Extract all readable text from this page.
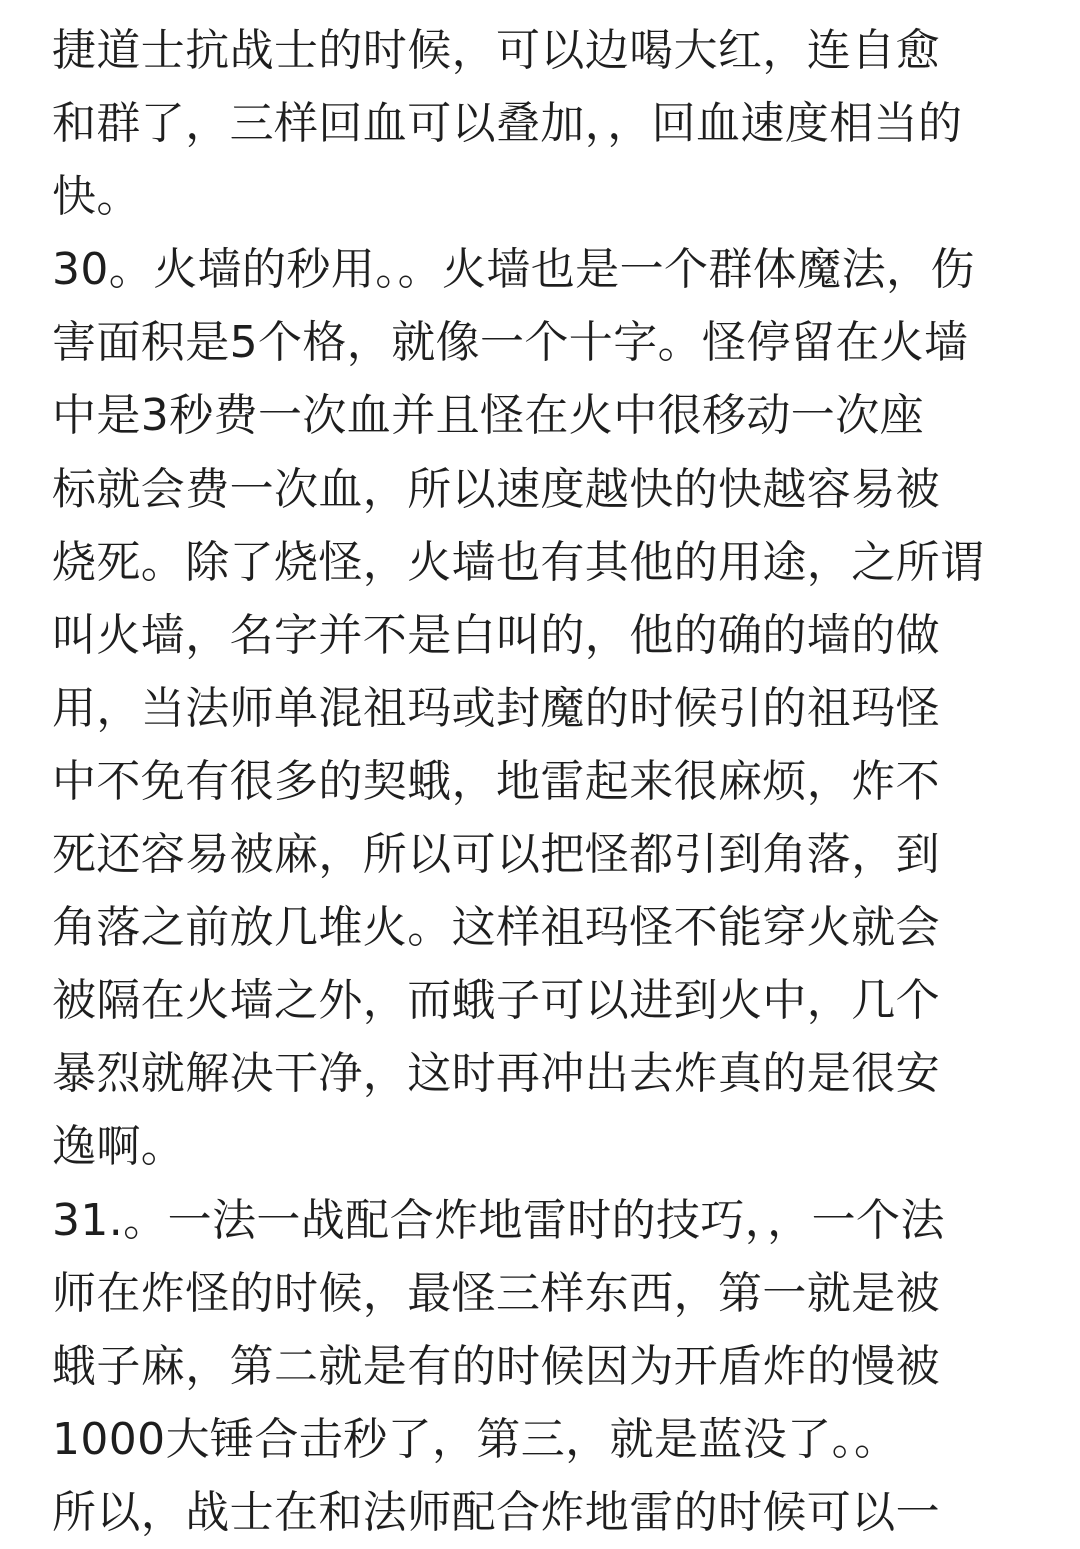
捷道士抗战士的时候，可以边喝大红，连自愈
和群了，三样回血可以叠加，，回血速度相当的
快。
30。火墙的秒用。。火墙也是一个群体魔法，伤
害面积是5个格，就像一个十字。怪停留在火墙
中是3秒费一次血并且怪在火中很移动一次座
标就会费一次血，所以速度越快的快越容易被
烧死。除了烧怪，火墙也有其他的用途，之所谓
叫火墙，名字并不是白叫的，他的确的墙的做
用，当法师单混祖玛或封魔的时候引的祖玛怪
中不免有很多的契蛾，地雷起来很麻烦，炸不
死还容易被麻，所以可以把怪都引到角落，到
角落之前放几堆火。这样祖玛怪不能穿火就会
被隔在火墙之外，而蛾子可以进到火中，几个
暴烈就解决干净，这时再冲出去炸真的是很安
逸啊。
31.。一法一战配合炸地雷时的技巧，，一个法
师在炸怪的时候，最怪三样东西，第一就是被
蛾子麻，第二就是有的时候因为开盾炸的慢被
1000大锤合击秒了，第三，就是蓝没了。。
所以，战士在和法师配合炸地雷的时候可以一
